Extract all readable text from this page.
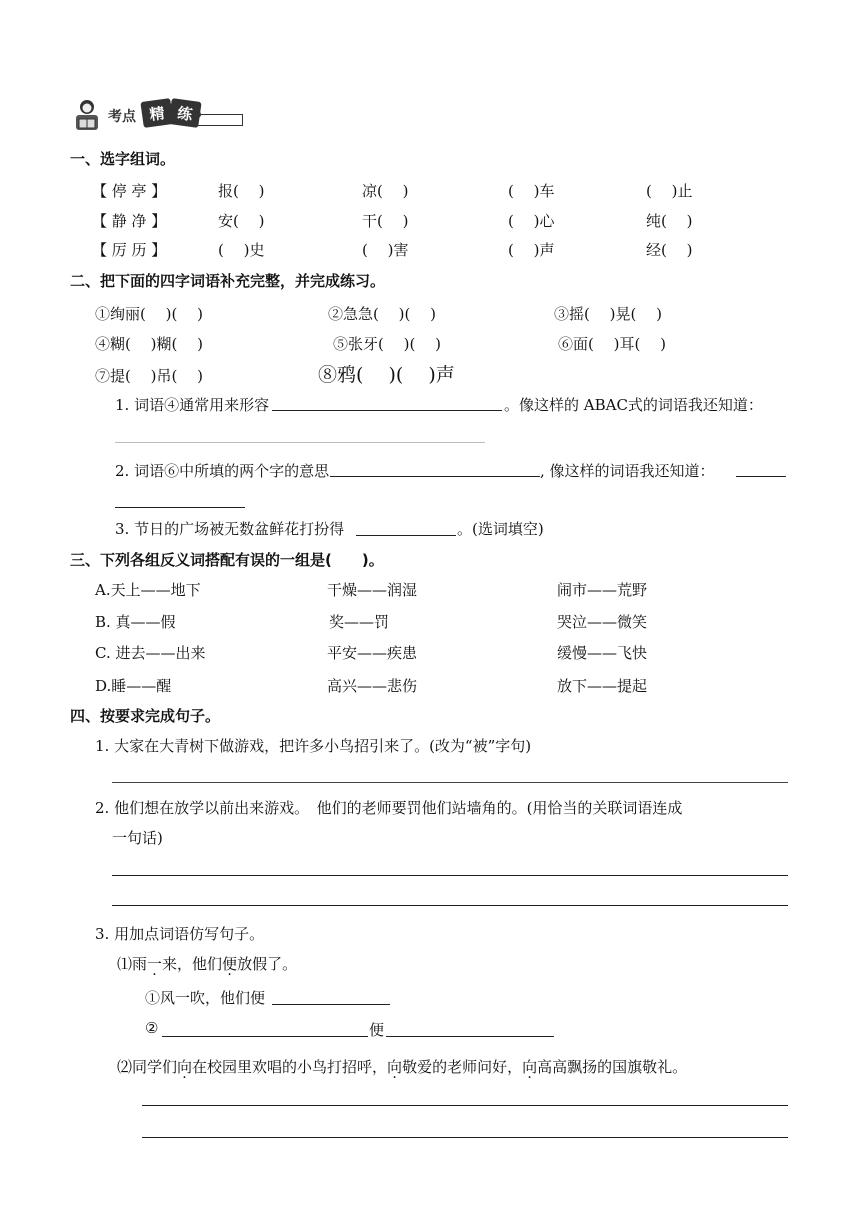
考点 精 练
一、选字组词。
【 停 亭 】	报(　 )	凉(　 )	(　 )车	(　 )止
【 静 净 】	安(　 )	干(　 )	(　 )心	纯(　 )
【 厉 历 】	(　 )史	(　 )害	(　 )声	经(　 )
二、把下面的四字词语补充完整，并完成练习。
①绚丽(　 )(　 )	②急急(　 )(　 )	③摇(　 )晃(　 )
④糊(　 )糊(　 )	⑤张牙(　 )(　 )	⑥面(　 )耳(　 )
⑦提(　 )吊(　 )	⑧鸦(　 )(　 )声
1. 词语④通常用来形容	。像这样的 ABAC式的词语我还知道：
2. 词语⑥中所填的两个字的意思	, 像这样的词语我还知道：
3. 节日的广场被无数盆鲜花打扮得	。(选词填空)
三、下列各组反义词搭配有误的一组是(　　)。
A.天上——地下	干燥——润湿	闹市——荒野
B. 真——假	奖——罚	哭泣——微笑
C. 进去——出来	平安——疾患	缓慢——飞快
D.睡——醒	高兴——悲伤	放下——提起
四、按要求完成句子。
1. 大家在大青树下做游戏，把许多小鸟招引来了。(改为“被”字句)
2. 他们想在放学以前出来游戏。　他们的老师要罚他们站墙角的。(用恰当的关联词语连成
一句话)
3. 用加点词语仿写句子。
⑴雨一来，他们便放假了。
①风一吹，他们便
②	便
⑵同学们向在校园里欢唱的小鸟打招呼，向敬爱的老师问好，向高高飘扬的国旗敬礼。
